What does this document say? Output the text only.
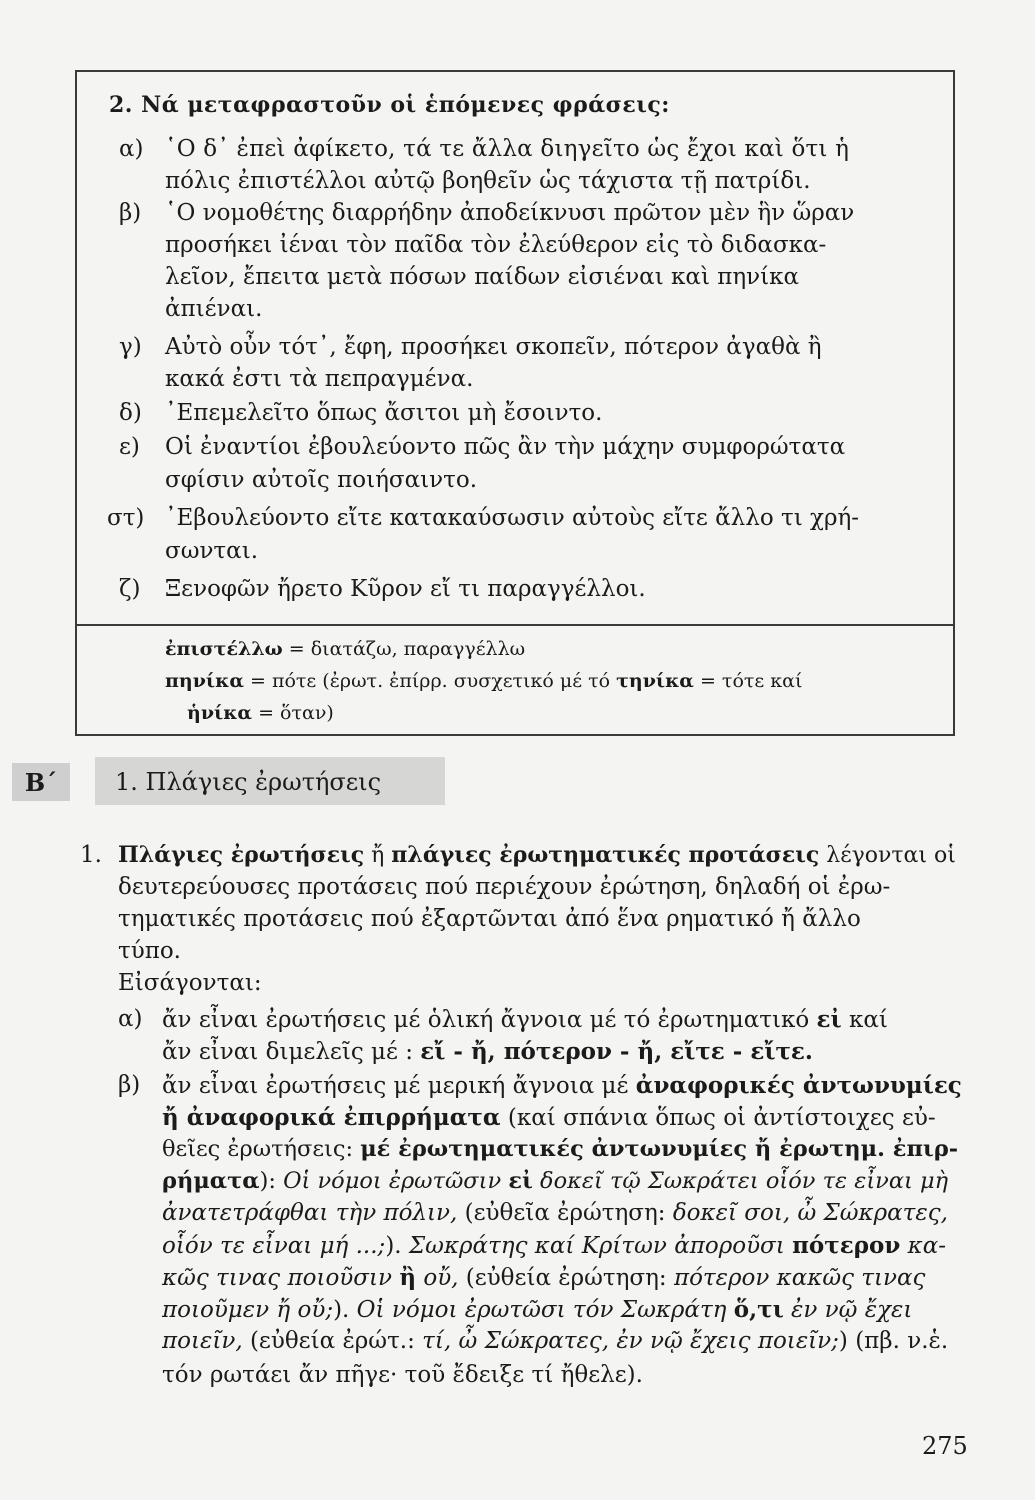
2. Νά μεταφραστοῦν οἱ ἑπόμενες φράσεις:
α) ῾Ο δ᾽ ἐπεὶ ἀφίκετο, τά τε ἄλλα διηγεῖτο ὡς ἔχοι καὶ ὅτι ἡ
πόλις ἐπιστέλλοι αὐτῷ βοηθεῖν ὡς τάχιστα τῇ πατρίδι.
β) ῾Ο νομοθέτης διαρρήδην ἀποδείκνυσι πρῶτον μὲν ἣν ὥραν
προσήκει ἰέναι τὸν παῖδα τὸν ἐλεύθερον εἰς τὸ διδασκα-
λεῖον, ἔπειτα μετὰ πόσων παίδων εἰσιέναι καὶ πηνίκα
ἀπιέναι.
γ) Αὐτὸ οὖν τότ᾽, ἔφη, προσήκει σκοπεῖν, πότερον ἀγαθὰ ἢ
κακά ἐστι τὰ πεπραγμένα.
δ) ᾽Επεμελεῖτο ὅπως ἄσιτοι μὴ ἔσοιντο.
ε) Οἱ ἐναντίοι ἐβουλεύοντο πῶς ἂν τὴν μάχην συμφορώτατα
σφίσιν αὐτοῖς ποιήσαιντο.
στ) ᾽Εβουλεύοντο εἴτε κατακαύσωσιν αὐτοὺς εἴτε ἄλλο τι χρή-
σωνται.
ζ) Ξενοφῶν ἤρετο Κῦρον εἴ τι παραγγέλλοι.
ἐπιστέλλω = διατάζω, παραγγέλλω
πηνίκα = πότε (ἐρωτ. ἐπίρρ. συσχετικό μέ τό τηνίκα = τότε καί
ἡνίκα = ὅταν)
Β΄	1. Πλάγιες ἐρωτήσεις
1. Πλάγιες ἐρωτήσεις ἤ πλάγιες ἐρωτηματικές προτάσεις λέγονται οἱ
δευτερεύουσες προτάσεις πού περιέχουν ἐρώτηση, δηλαδή οἱ ἐρω-
τηματικές προτάσεις πού ἐξαρτῶνται ἀπό ἕνα ρηματικό ἤ ἄλλο
τύπο.
Εἰσάγονται:
α) ἄν εἶναι ἐρωτήσεις μέ ὁλική ἄγνοια μέ τό ἐρωτηματικό εἰ καί
ἄν εἶναι διμελεῖς μέ : εἴ - ἤ, πότερον - ἤ, εἴτε - εἴτε.
β) ἄν εἶναι ἐρωτήσεις μέ μερική ἄγνοια μέ ἀναφορικές ἀντωνυμίες
ἤ ἀναφορικά ἐπιρρήματα (καί σπάνια ὅπως οἱ ἀντίστοιχες εὐ-
θεῖες ἐρωτήσεις: μέ ἐρωτηματικές ἀντωνυμίες ἤ ἐρωτημ. ἐπιρ-
ρήματα): Οἱ νόμοι ἐρωτῶσιν εἰ δοκεῖ τῷ Σωκράτει οἷόν τε εἶναι μὴ
ἀνατετράφθαι τὴν πόλιν, (εὐθεῖα ἐρώτηση: δοκεῖ σοι, ὦ Σώκρατες,
οἷόν τε εἶναι μή ...;). Σωκράτης καί Κρίτων ἀποροῦσι πότερον κα-
κῶς τινας ποιοῦσιν ἢ οὔ, (εὐθεία ἐρώτηση: πότερον κακῶς τινας
ποιοῦμεν ἤ οὔ;). Οἱ νόμοι ἐρωτῶσι τόν Σωκράτη ὅ,τι ἐν νῷ ἔχει
ποιεῖν, (εὐθεία ἐρώτ.: τί, ὦ Σώκρατες, ἐν νῷ ἔχεις ποιεῖν;) (πβ. ν.ἑ.
τόν ρωτάει ἄν πῆγε· τοῦ ἔδειξε τί ἤθελε).
275
